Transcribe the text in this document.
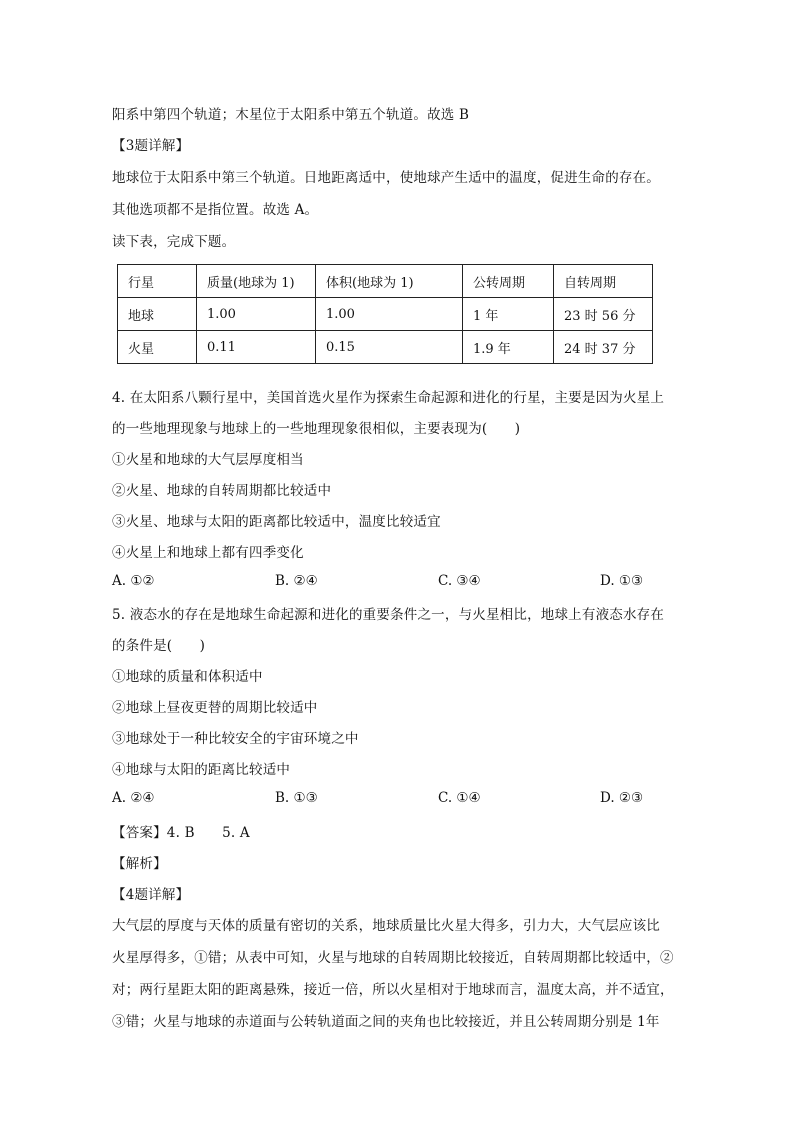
阳系中第四个轨道；木星位于太阳系中第五个轨道。故选 B
【3题详解】
地球位于太阳系中第三个轨道。日地距离适中，使地球产生适中的温度，促进生命的存在。
其他选项都不是指位置。故选 A。
读下表，完成下题。
行星	质量(地球为 1)	体积(地球为 1)	公转周期	自转周期
地球	1.00	1.00	1 年	23 时 56 分
火星	0.11	0.15	1.9 年	24 时 37 分
4. 在太阳系八颗行星中，美国首选火星作为探索生命起源和进化的行星，主要是因为火星上
的一些地理现象与地球上的一些地理现象很相似，主要表现为(　　)
①火星和地球的大气层厚度相当
②火星、地球的自转周期都比较适中
③火星、地球与太阳的距离都比较适中，温度比较适宜
④火星上和地球上都有四季变化
A. ①②	B. ②④	C. ③④	D. ①③
5. 液态水的存在是地球生命起源和进化的重要条件之一，与火星相比，地球上有液态水存在
的条件是(　　)
①地球的质量和体积适中
②地球上昼夜更替的周期比较适中
③地球处于一种比较安全的宇宙环境之中
④地球与太阳的距离比较适中
A. ②④	B. ①③	C. ①④	D. ②③
【答案】4. B　　5. A
【解析】
【4题详解】
大气层的厚度与天体的质量有密切的关系，地球质量比火星大得多，引力大，大气层应该比
火星厚得多，①错；从表中可知，火星与地球的自转周期比较接近，自转周期都比较适中，②
对；两行星距太阳的距离悬殊，接近一倍，所以火星相对于地球而言，温度太高，并不适宜，
③错；火星与地球的赤道面与公转轨道面之间的夹角也比较接近，并且公转周期分别是 1年
